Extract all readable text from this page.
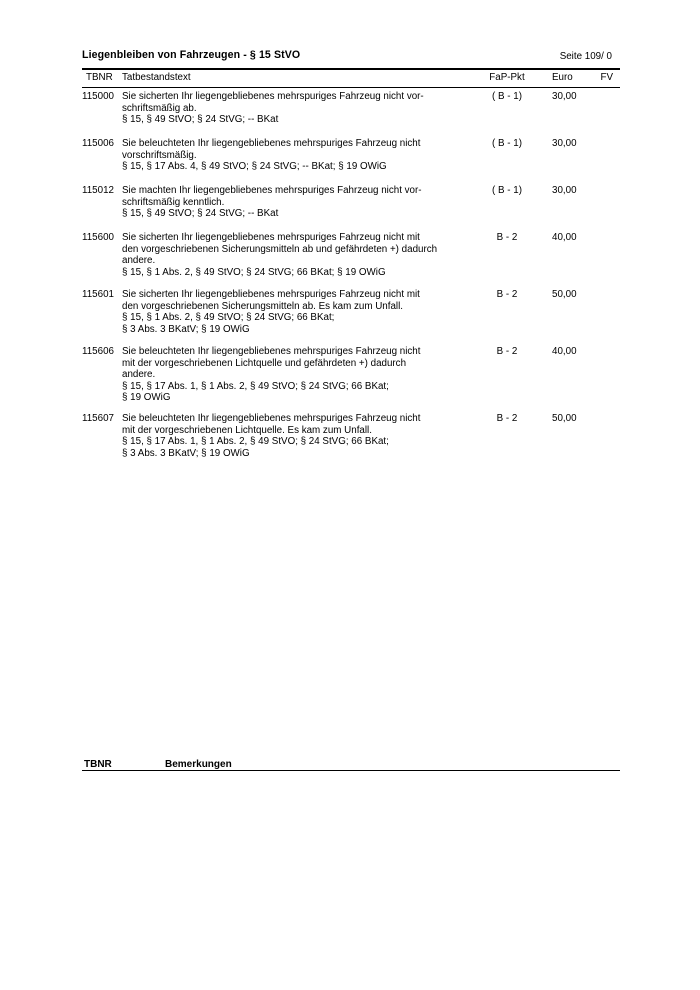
Liegenbleiben von Fahrzeugen - § 15 StVO	Seite 109/ 0
TBNR Tatbestandstext	FaP-Pkt	Euro	FV
115000 Sie sicherten Ihr liegengebliebenes mehrspuriges Fahrzeug nicht vor-
schriftsmäßig ab.
§ 15, § 49 StVO; § 24 StVG; -- BKat
( B - 1)	30,00
115006 Sie beleuchteten Ihr liegengebliebenes mehrspuriges Fahrzeug nicht
vorschriftsmäßig.
§ 15, § 17 Abs. 4, § 49 StVO; § 24 StVG; -- BKat; § 19 OWiG
( B - 1)	30,00
115012 Sie machten Ihr liegengebliebenes mehrspuriges Fahrzeug nicht vor-
schriftsmäßig kenntlich.
§ 15, § 49 StVO; § 24 StVG; -- BKat
( B - 1)	30,00
115600 Sie sicherten Ihr liegengebliebenes mehrspuriges Fahrzeug nicht mit
den vorgeschriebenen Sicherungsmitteln ab und gefährdeten +) dadurch
andere.
§ 15, § 1 Abs. 2, § 49 StVO; § 24 StVG; 66 BKat; § 19 OWiG
B - 2	40,00
115601 Sie sicherten Ihr liegengebliebenes mehrspuriges Fahrzeug nicht mit
den vorgeschriebenen Sicherungsmitteln ab. Es kam zum Unfall.
§ 15, § 1 Abs. 2, § 49 StVO; § 24 StVG; 66 BKat;
§ 3 Abs. 3 BKatV; § 19 OWiG
B - 2	50,00
115606 Sie beleuchteten Ihr liegengebliebenes mehrspuriges Fahrzeug nicht
mit der vorgeschriebenen Lichtquelle und gefährdeten +) dadurch
andere.
§ 15, § 17 Abs. 1, § 1 Abs. 2, § 49 StVO; § 24 StVG; 66 BKat;
§ 19 OWiG
B - 2	40,00
115607 Sie beleuchteten Ihr liegengebliebenes mehrspuriges Fahrzeug nicht
mit der vorgeschriebenen Lichtquelle. Es kam zum Unfall.
§ 15, § 17 Abs. 1, § 1 Abs. 2, § 49 StVO; § 24 StVG; 66 BKat;
§ 3 Abs. 3 BKatV; § 19 OWiG
B - 2	50,00
TBNR	Bemerkungen
